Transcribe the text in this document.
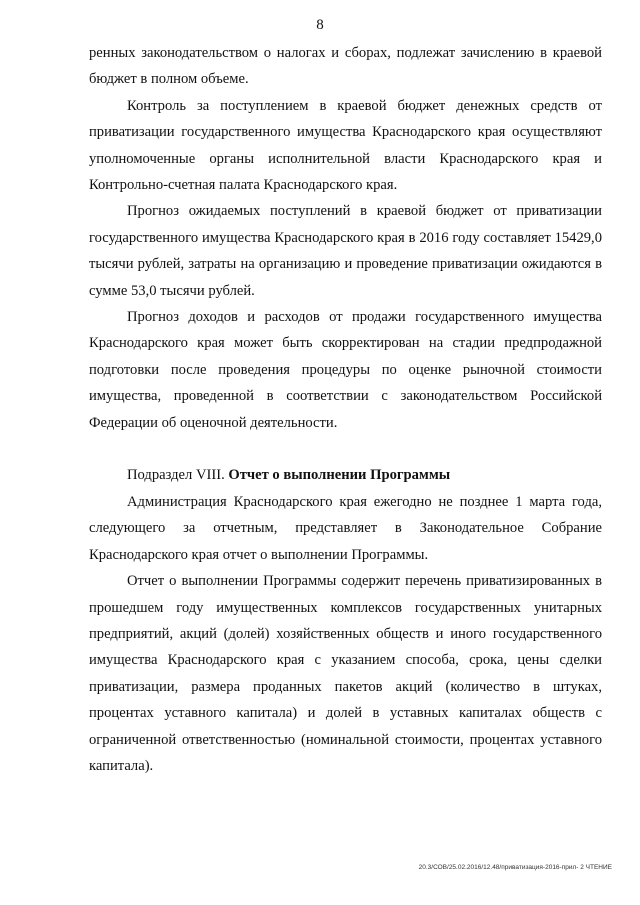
8

ренных законодательством о налогах и сборах, подлежат зачислению в краевой бюджет в полном объеме.

Контроль за поступлением в краевой бюджет денежных средств от приватизации государственного имущества Краснодарского края осуществляют уполномоченные органы исполнительной власти Краснодарского края и Контрольно-счетная палата Краснодарского края.

Прогноз ожидаемых поступлений в краевой бюджет от приватизации государственного имущества Краснодарского края в 2016 году составляет 15429,0 тысячи рублей, затраты на организацию и проведение приватизации ожидаются в сумме 53,0 тысячи рублей.

Прогноз доходов и расходов от продажи государственного имущества Краснодарского края может быть скорректирован на стадии предпродажной подготовки после проведения процедуры по оценке рыночной стоимости имущества, проведенной в соответствии с законодательством Российской Федерации об оценочной деятельности.

Подраздел VIII. Отчет о выполнении Программы

Администрация Краснодарского края ежегодно не позднее 1 марта года, следующего за отчетным, представляет в Законодательное Собрание Краснодарского края отчет о выполнении Программы.

Отчет о выполнении Программы содержит перечень приватизированных в прошедшем году имущественных комплексов государственных унитарных предприятий, акций (долей) хозяйственных обществ и иного государственного имущества Краснодарского края с указанием способа, срока, цены сделки приватизации, размера проданных пакетов акций (количество в штуках, процентах уставного капитала) и долей в уставных капиталах обществ с ограниченной ответственностью (номинальной стоимости, процентах уставного капитала).

20.3/СОВ/25.02.2016/12.48/приватизация-2016-прил- 2 ЧТЕНИЕ
